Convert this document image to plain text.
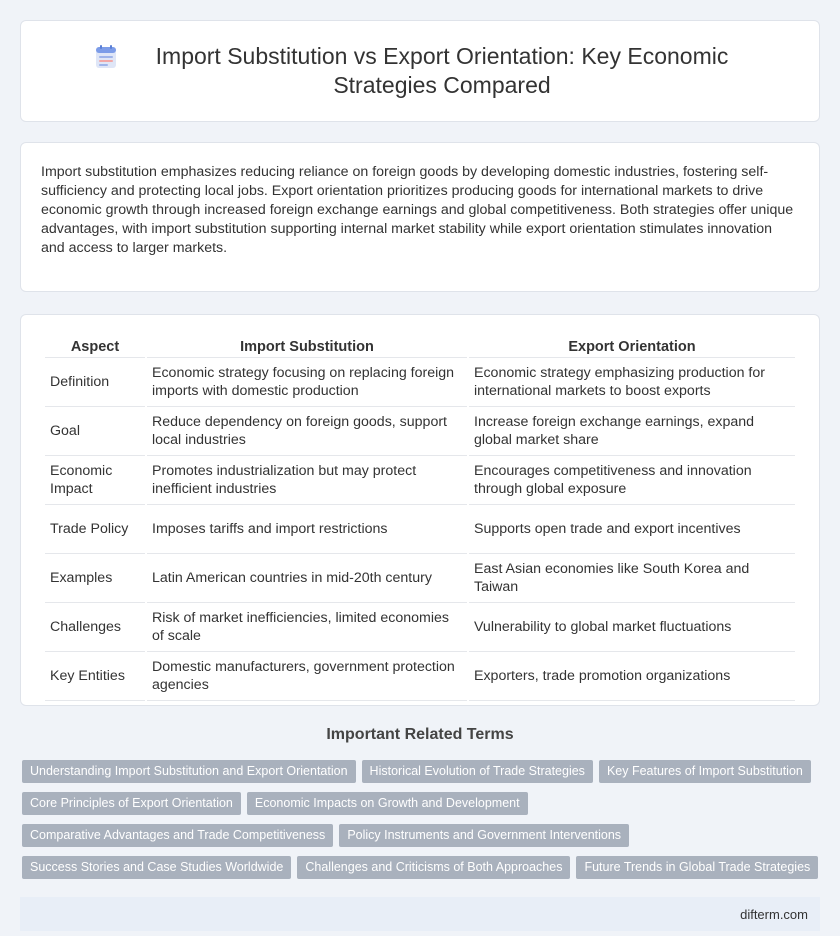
Import Substitution vs Export Orientation: Key Economic Strategies Compared

Import substitution emphasizes reducing reliance on foreign goods by developing domestic industries, fostering self-sufficiency and protecting local jobs. Export orientation prioritizes producing goods for international markets to drive economic growth through increased foreign exchange earnings and global competitiveness. Both strategies offer unique advantages, with import substitution supporting internal market stability while export orientation stimulates innovation and access to larger markets.

Aspect	Import Substitution	Export Orientation
Definition	Economic strategy focusing on replacing foreign imports with domestic production	Economic strategy emphasizing production for international markets to boost exports
Goal	Reduce dependency on foreign goods, support local industries	Increase foreign exchange earnings, expand global market share
Economic Impact	Promotes industrialization but may protect inefficient industries	Encourages competitiveness and innovation through global exposure
Trade Policy	Imposes tariffs and import restrictions	Supports open trade and export incentives
Examples	Latin American countries in mid-20th century	East Asian economies like South Korea and Taiwan
Challenges	Risk of market inefficiencies, limited economies of scale	Vulnerability to global market fluctuations
Key Entities	Domestic manufacturers, government protection agencies	Exporters, trade promotion organizations
Important Related Terms
Understanding Import Substitution and Export Orientation	Historical Evolution of Trade Strategies	Key Features of Import Substitution
Core Principles of Export Orientation	Economic Impacts on Growth and Development
Comparative Advantages and Trade Competitiveness	Policy Instruments and Government Interventions
Success Stories and Case Studies Worldwide	Challenges and Criticisms of Both Approaches	Future Trends in Global Trade Strategies
difterm.com
